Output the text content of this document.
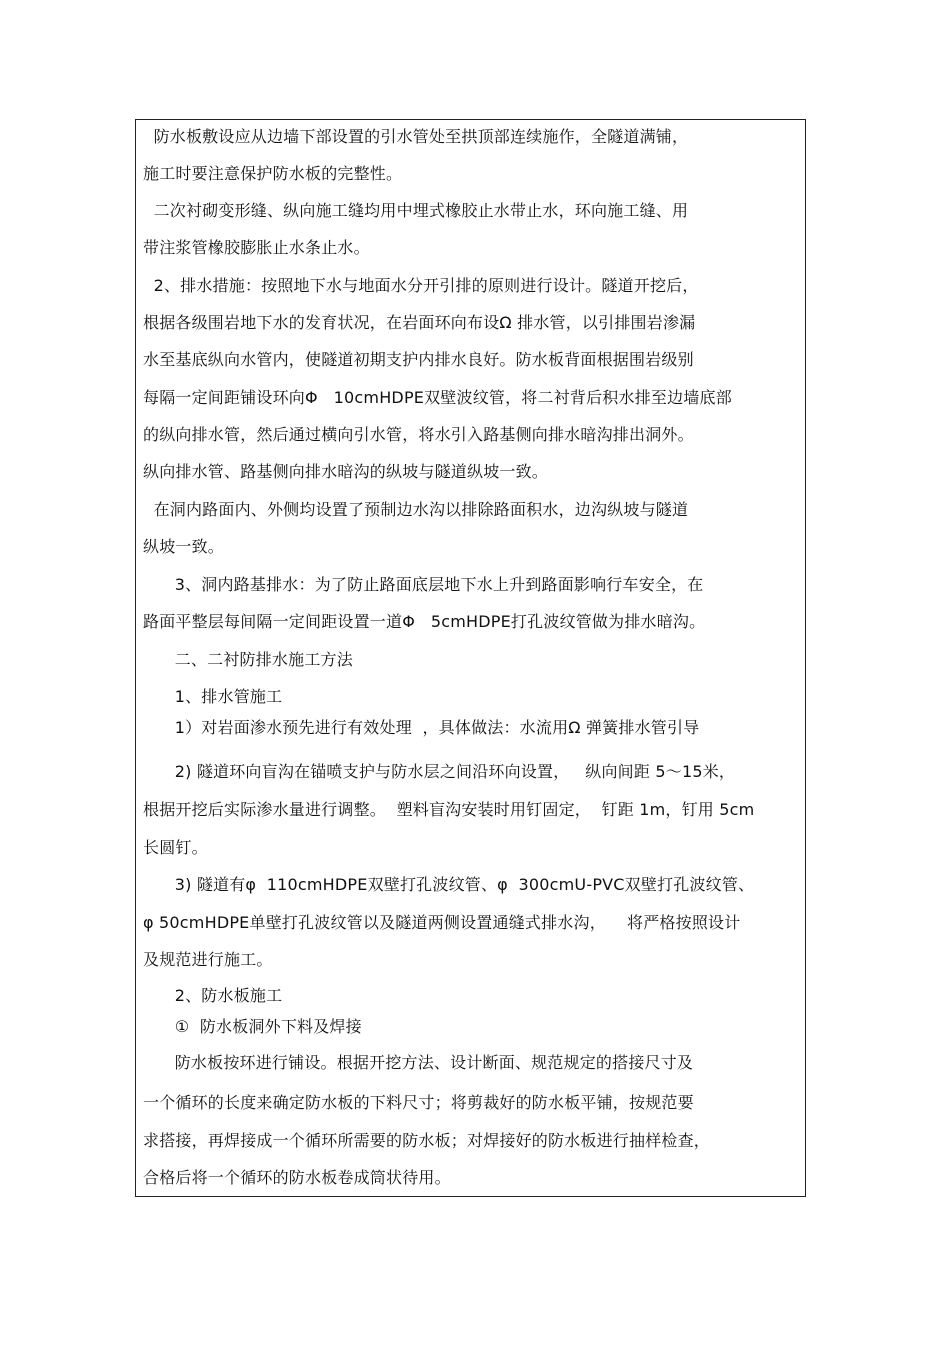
防水板敷设应从边墙下部设置的引水管处至拱顶部连续施作，全隧道满铺，
施工时要注意保护防水板的完整性。
二次衬砌变形缝、纵向施工缝均用中埋式橡胶止水带止水，环向施工缝、用
带注浆管橡胶膨胀止水条止水。
2、排水措施：按照地下水与地面水分开引排的原则进行设计。隧道开挖后，
根据各级围岩地下水的发育状况，在岩面环向布设Ω 排水管，以引排围岩渗漏
水至基底纵向水管内，使隧道初期支护内排水良好。防水板背面根据围岩级别
每隔一定间距铺设环向Φ   10cmHDPE双壁波纹管，将二衬背后积水排至边墙底部
的纵向排水管，然后通过横向引水管，将水引入路基侧向排水暗沟排出洞外。
纵向排水管、路基侧向排水暗沟的纵坡与隧道纵坡一致。
在洞内路面内、外侧均设置了预制边水沟以排除路面积水，边沟纵坡与隧道
纵坡一致。
3、洞内路基排水：为了防止路面底层地下水上升到路面影响行车安全，在
路面平整层每间隔一定间距设置一道Φ   5cmHDPE打孔波纹管做为排水暗沟。
二、二衬防排水施工方法
1、排水管施工
1）对岩面渗水预先进行有效处理  ，具体做法：水流用Ω 弹簧排水管引导
2) 隧道环向盲沟在锚喷支护与防水层之间沿环向设置，   纵向间距 5～15米，
根据开挖后实际渗水量进行调整。  塑料盲沟安装时用钉固定，  钉距 1m，钉用 5cm
长圆钉。
3) 隧道有φ  110cmHDPE双壁打孔波纹管、φ  300cmU-PVC双壁打孔波纹管、
φ 50cmHDPE单壁打孔波纹管以及隧道两侧设置通缝式排水沟，    将严格按照设计
及规范进行施工。
2、防水板施工
①  防水板洞外下料及焊接
防水板按环进行铺设。根据开挖方法、设计断面、规范规定的搭接尺寸及
一个循环的长度来确定防水板的下料尺寸；将剪裁好的防水板平铺，按规范要
求搭接，再焊接成一个循环所需要的防水板；对焊接好的防水板进行抽样检查，
合格后将一个循环的防水板卷成筒状待用。
